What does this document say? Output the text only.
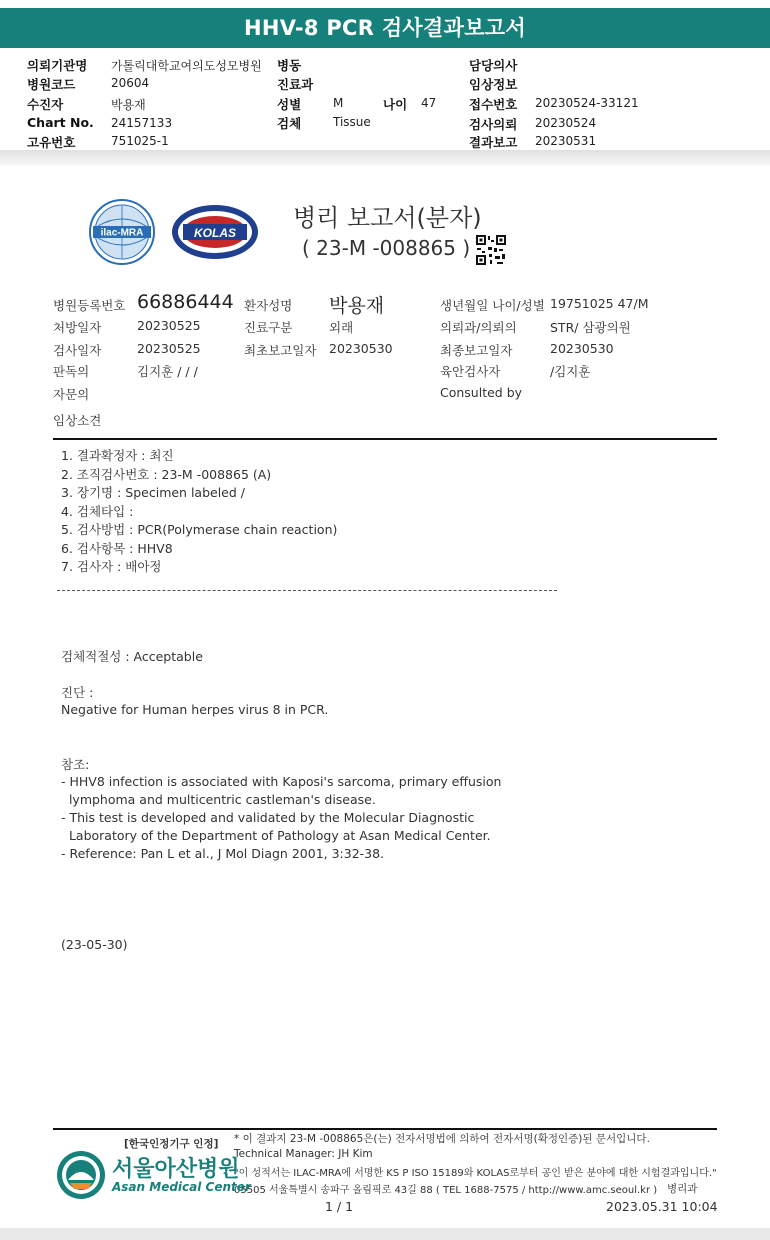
HHV-8 PCR 검사결과보고서
의뢰기관명 가톨릭대학교여의도성모병원
병원코드	20604
수진자	박용재
Chart No. 24157133
고유번호	751025-1
병동
진료과
성별	M	나이 47
검체	Tissue
담당의사
임상정보
접수번호 20230524-33121
검사의뢰 20230524
결과보고 20230531
ilac-MRA	KOLAS
병리 보고서(분자)
( 23-M -008865 )
병원등록번호 66886444 환자성명 박용재	생년월일 나이/성별 19751025 47/M
처방일자	20230525	진료구분	외래	의뢰과/의뢰의	STR/ 삼광의원
검사일자	20230525	최초보고일자 20230530	최종보고일자	20230530
판독의	김지훈 / / /	육안검사자	/김지훈
자문의	Consulted by
임상소견
1. 결과확정자 : 최진
2. 조직검사번호 : 23-M -008865 (A)
3. 장기명 : Specimen labeled /
4. 검체타입 :
5. 검사방법 : PCR(Polymerase chain reaction)
6. 검사항목 : HHV8
7. 검사자 : 배아정
검체적절성 : Acceptable
진단 :
Negative for Human herpes virus 8 in PCR.
참조:
- HHV8 infection is associated with Kaposi's sarcoma, primary effusion
lymphoma and multicentric castleman's disease.
- This test is developed and validated by the Molecular Diagnostic
Laboratory of the Department of Pathology at Asan Medical Center.
- Reference: Pan L et al., J Mol Diagn 2001, 3:32-38.
(23-05-30)
[한국인정기구 인정] * 이 결과지 23-M -008865은(는) 전자서명법에 의하여 전자서명(확정인증)된 문서입니다.
Technical Manager: JH Kim
"이 성적서는 ILAC-MRA에 서명한 KS P ISO 15189와 KOLAS로부터 공인 받은 분야에 대한 시험결과입니다."
05505 서울특별시 송파구 올림픽로 43길 88 ( TEL 1688-7575 / http://www.amc.seoul.kr ) 병리과
서울아산병원
Asan Medical Center
1 / 1	2023.05.31 10:04
